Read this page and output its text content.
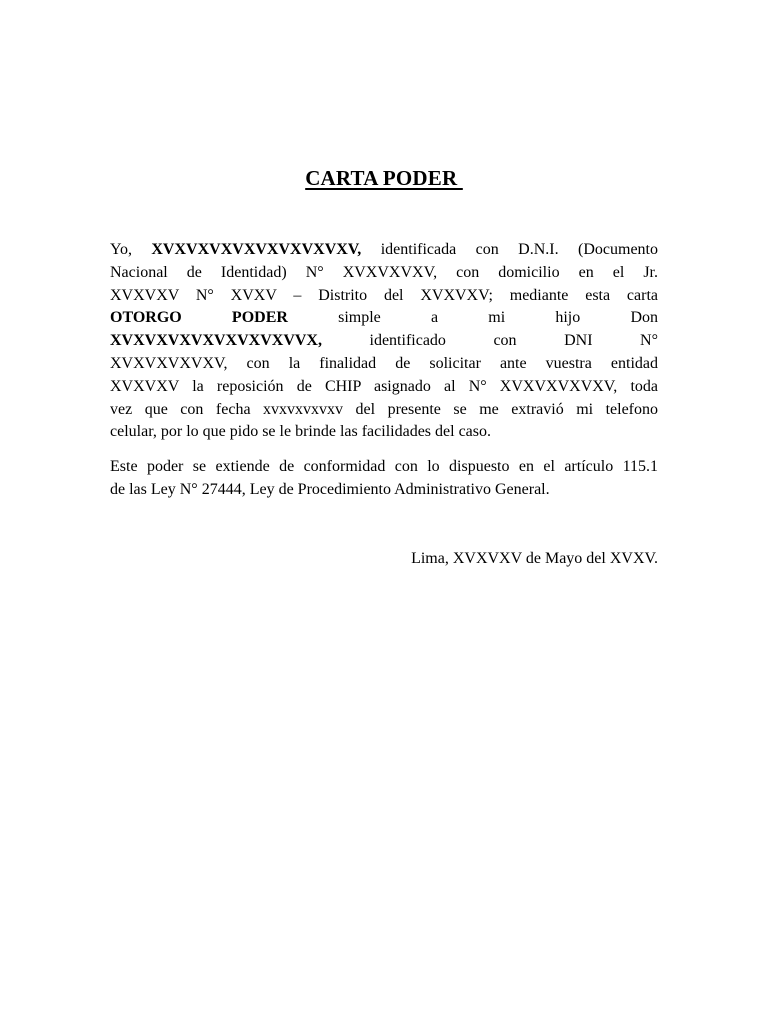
CARTA PODER
Yo, XVXVXVXVXVXVXVXVXV, identificada con D.N.I. (Documento
Nacional de Identidad) N° XVXVXVXV, con domicilio en el Jr.
XVXVXV N° XVXV – Distrito del XVXVXV; mediante esta carta
OTORGO PODER simple a mi hijo Don
XVXVXVXVXVXVXVXVVX, identificado con DNI N°
XVXVXVXVXV, con la finalidad de solicitar ante vuestra entidad
XVXVXV la reposición de CHIP asignado al N° XVXVXVXVXV, toda
vez que con fecha xvxvxvxvxv del presente se me extravió mi telefono
celular, por lo que pido se le brinde las facilidades del caso.
Este poder se extiende de conformidad con lo dispuesto en el artículo 115.1
de las Ley N° 27444, Ley de Procedimiento Administrativo General.
Lima, XVXVXV de Mayo del XVXV.
